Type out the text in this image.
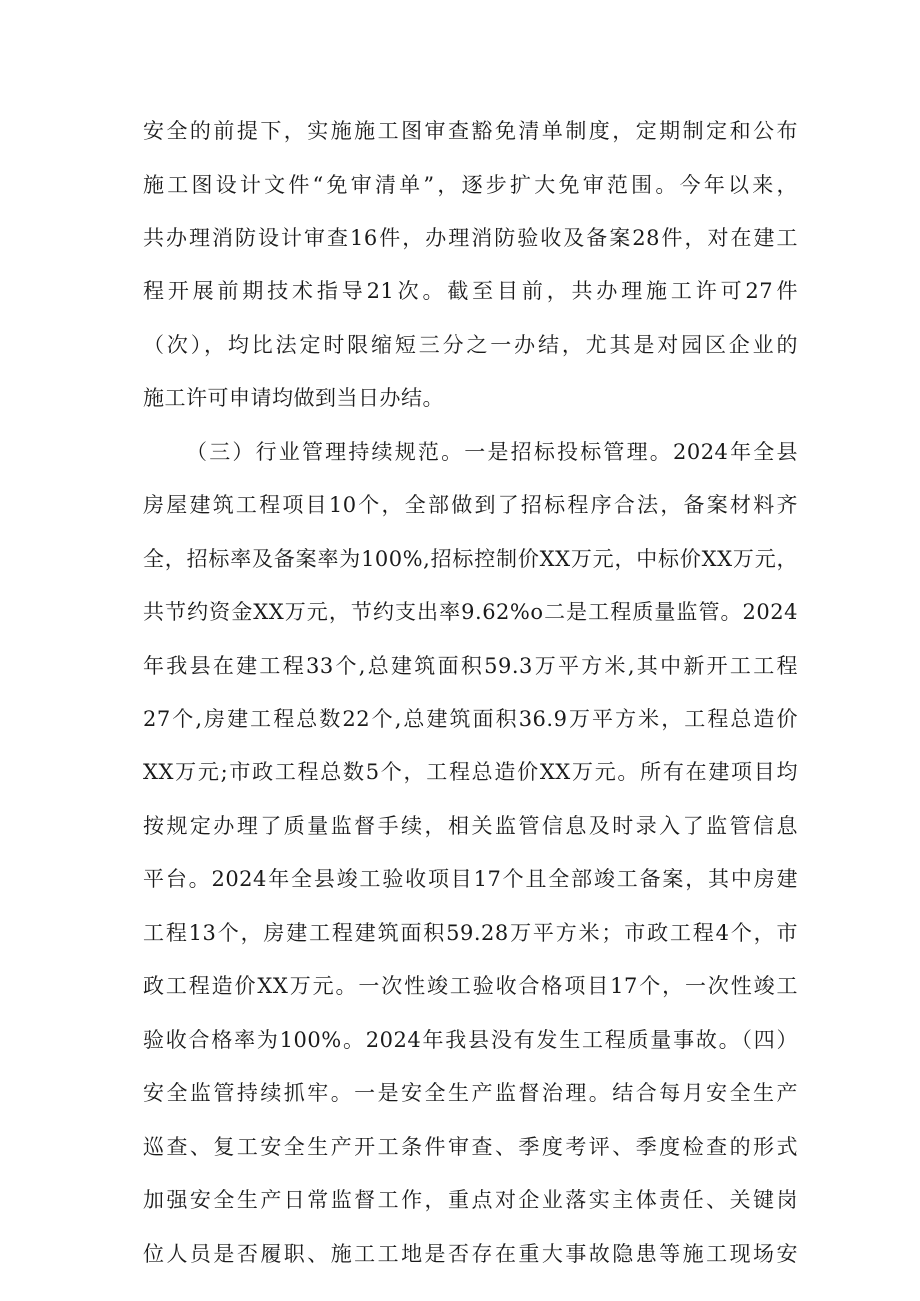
安全的前提下，实施施工图审查豁免清单制度，定期制定和公布
施工图设计文件“免审清单”，逐步扩大免审范围。今年以来，
共办理消防设计审查16件，办理消防验收及备案28件，对在建工
程开展前期技术指导21次。截至目前，共办理施工许可27件
（次），均比法定时限缩短三分之一办结，尤其是对园区企业的
施工许可申请均做到当日办结。
（三）行业管理持续规范。一是招标投标管理。2024年全县
房屋建筑工程项目10个，全部做到了招标程序合法，备案材料齐
全，招标率及备案率为100%,招标控制价XX万元，中标价XX万元，
共节约资金XX万元，节约支出率9.62%o二是工程质量监管。2024
年我县在建工程33个,总建筑面积59.3万平方米,其中新开工工程
27个,房建工程总数22个,总建筑面积36.9万平方米，工程总造价
XX万元;市政工程总数5个，工程总造价XX万元。所有在建项目均
按规定办理了质量监督手续，相关监管信息及时录入了监管信息
平台。2024年全县竣工验收项目17个且全部竣工备案，其中房建
工程13个，房建工程建筑面积59.28万平方米；市政工程4个，市
政工程造价XX万元。一次性竣工验收合格项目17个，一次性竣工
验收合格率为100%。2024年我县没有发生工程质量事故。（四）
安全监管持续抓牢。一是安全生产监督治理。结合每月安全生产
巡查、复工安全生产开工条件审查、季度考评、季度检查的形式
加强安全生产日常监督工作，重点对企业落实主体责任、关键岗
位人员是否履职、施工工地是否存在重大事故隐患等施工现场安
